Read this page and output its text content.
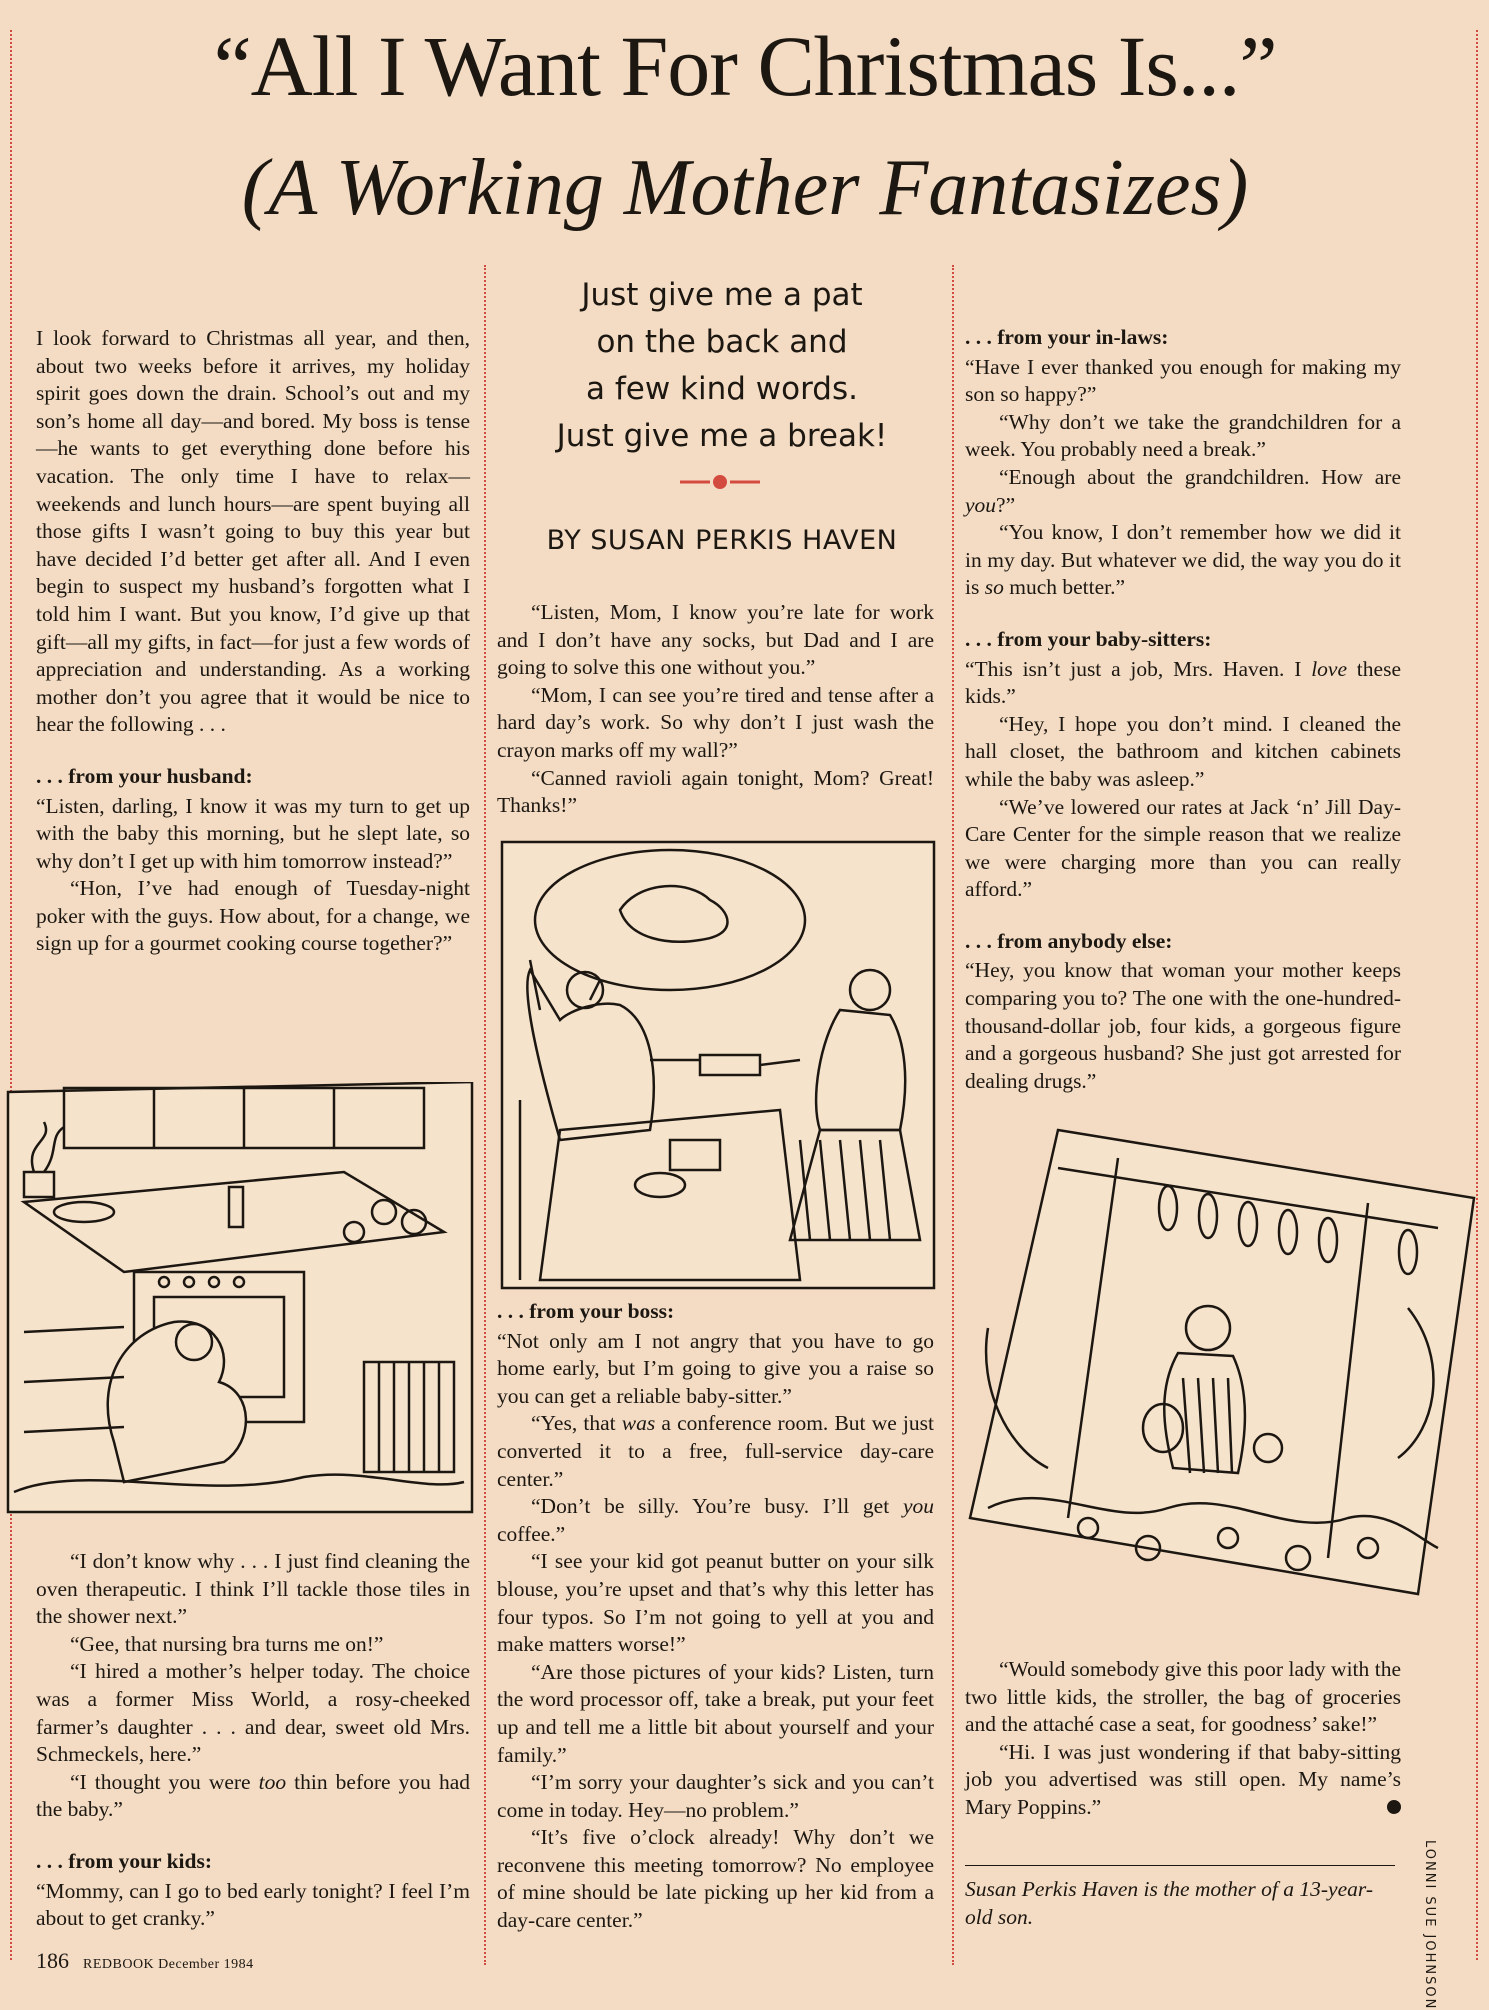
“All I Want For Christmas Is...”
(A Working Mother Fantasizes)
Just give me a pat
on the back and
a few kind words.
Just give me a break!
BY SUSAN PERKIS HAVEN

I look forward to Christmas all year, and then, about two weeks before it arrives, my holiday spirit goes down the drain. School’s out and my son’s home all day—and bored. My boss is tense—he wants to get everything done before his vacation. The only time I have to relax—weekends and lunch hours—are spent buying all those gifts I wasn’t going to buy this year but have decided I’d better get after all. And I even begin to suspect my husband’s forgotten what I told him I want. But you know, I’d give up that gift—all my gifts, in fact—for just a few words of appreciation and understanding. As a working mother don’t you agree that it would be nice to hear the following . . .

. . . from your husband:

“Listen, darling, I know it was my turn to get up with the baby this morning, but he slept late, so why don’t I get up with him tomorrow instead?”

“Hon, I’ve had enough of Tuesday-night poker with the guys. How about, for a change, we sign up for a gourmet cooking course together?”

“I don’t know why . . . I just find cleaning the oven therapeutic. I think I’ll tackle those tiles in the shower next.”

“Gee, that nursing bra turns me on!”

“I hired a mother’s helper today. The choice was a former Miss World, a rosy-cheeked farmer’s daughter . . . and dear, sweet old Mrs. Schmeckels, here.”

“I thought you were too thin before you had the baby.”

. . . from your kids:

“Mommy, can I go to bed early tonight? I feel I’m about to get cranky.”

“Listen, Mom, I know you’re late for work and I don’t have any socks, but Dad and I are going to solve this one without you.”

“Mom, I can see you’re tired and tense after a hard day’s work. So why don’t I just wash the crayon marks off my wall?”

“Canned ravioli again tonight, Mom? Great! Thanks!”

. . . from your boss:

“Not only am I not angry that you have to go home early, but I’m going to give you a raise so you can get a reliable baby-sitter.”

“Yes, that was a conference room. But we just converted it to a free, full-service day-care center.”

“Don’t be silly. You’re busy. I’ll get you coffee.”

“I see your kid got peanut butter on your silk blouse, you’re upset and that’s why this letter has four typos. So I’m not going to yell at you and make matters worse!”

“Are those pictures of your kids? Listen, turn the word processor off, take a break, put your feet up and tell me a little bit about yourself and your family.”

“I’m sorry your daughter’s sick and you can’t come in today. Hey—no problem.”

“It’s five o’clock already! Why don’t we reconvene this meeting tomorrow? No employee of mine should be late picking up her kid from a day-care center.”

. . . from your in-laws:

“Have I ever thanked you enough for making my son so happy?”

“Why don’t we take the grandchildren for a week. You probably need a break.”

“Enough about the grandchildren. How are you?”

“You know, I don’t remember how we did it in my day. But whatever we did, the way you do it is so much better.”

. . . from your baby-sitters:

“This isn’t just a job, Mrs. Haven. I love these kids.”

“Hey, I hope you don’t mind. I cleaned the hall closet, the bathroom and kitchen cabinets while the baby was asleep.”

“We’ve lowered our rates at Jack ‘n’ Jill Day-Care Center for the simple reason that we realize we were charging more than you can really afford.”

. . . from anybody else:

“Hey, you know that woman your mother keeps comparing you to? The one with the one-hundred-thousand-dollar job, four kids, a gorgeous figure and a gorgeous husband? She just got arrested for dealing drugs.”

“Would somebody give this poor lady with the two little kids, the stroller, the bag of groceries and the attaché case a seat, for goodness’ sake!”

“Hi. I was just wondering if that baby-sitting job you advertised was still open. My name’s Mary Poppins.”

Susan Perkis Haven is the mother of a 13-year-old son.	LONNI SUE JOHNSON
186 REDBOOK December 1984
